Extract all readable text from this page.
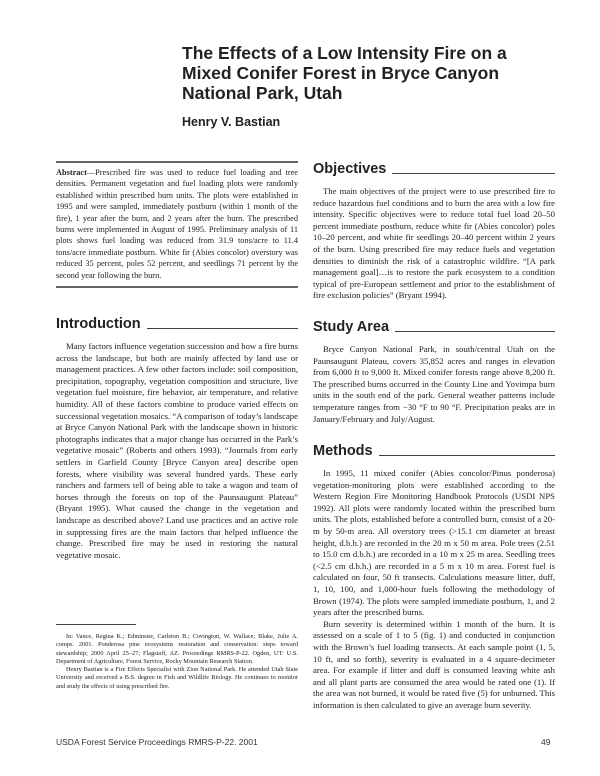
The Effects of a Low Intensity Fire on a Mixed Conifer Forest in Bryce Canyon National Park, Utah
Henry V. Bastian

Abstract—Prescribed fire was used to reduce fuel loading and tree densities. Permanent vegetation and fuel loading plots were randomly established within prescribed burn units. The plots were established in 1995 and were sampled, immediately postburn (within 1 month of the fire), 1 year after the burn, and 2 years after the burn. The prescribed burns were implemented in August of 1995. Preliminary analysis of 11 plots shows fuel loading was reduced from 31.9 tons/acre to 11.4 tons/acre immediate postburn. White fir (Abies concolor) overstory was reduced 35 percent, poles 52 percent, and seedlings 71 percent by the second year following the burn.

Introduction

Many factors influence vegetation succession and how a fire burns across the landscape, but both are mainly affected by land use or management practices. A few other factors include: soil composition, precipitation, topography, vegetation composition and structure, live vegetation fuel moisture, fire behavior, air temperature, and relative humidity. All of these factors combine to produce varied effects on successional vegetation mosaics. “A comparison of today’s landscape at Bryce Canyon National Park with the landscape shown in historic photographs indicates that a major change has occurred in the Park’s vegetative mosaic” (Roberts and others 1993). “Journals from early settlers in Garfield County [Bryce Canyon area] describe open forests, where visibility was several hundred yards. These early ranchers and farmers tell of being able to take a wagon and team of horses through the forests on top of the Paunsaugunt Plateau” (Bryant 1995). What caused the change in the vegetation and landscape as described above? Land use practices and an active role in suppressing fires are the main factors that helped influence the change. Prescribed fire may be used in restoring the natural vegetative mosaic.

In: Vance, Regina K.; Edminster, Carleton B.; Covington, W. Wallace; Blake, Julie A. comps. 2001. Ponderosa pine ecosystems restoration and conservation: steps toward stewardship; 2000 April 25–27; Flagstaff, AZ. Proceedings RMRS-P-22. Ogden, UT: U.S. Department of Agriculture, Forest Service, Rocky Mountain Research Station.

Henry Bastian is a Fire Effects Specialist with Zion National Park. He attended Utah State University and received a B.S. degree in Fish and Wildlife Biology. He continues to monitor and study the effects of using prescribed fire.

Objectives

The main objectives of the project were to use prescribed fire to reduce hazardous fuel conditions and to burn the area with a low fire intensity. Specific objectives were to reduce total fuel load 20–50 percent immediate postburn, reduce white fir (Abies concolor) poles 10–20 percent, and white fir seedlings 20–40 percent within 2 years of the burn. Using prescribed fire may reduce fuels and vegetation densities to diminish the risk of a catastrophic wildfire. “[A park management goal]…is to restore the park ecosystem to a condition typical of pre-European settlement and prior to the establishment of fire exclusion policies” (Bryant 1994).

Study Area

Bryce Canyon National Park, in south/central Utah on the Paunsaugunt Plateau, covers 35,852 acres and ranges in elevation from 6,000 ft to 9,000 ft. Mixed conifer forests range above 8,200 ft. The prescribed burns occurred in the County Line and Yovimpa burn units in the south end of the park. General weather patterns include temperature ranges from −30 °F to 90 °F. Precipitation peaks are in January/February and July/August.

Methods

In 1995, 11 mixed conifer (Abies concolor/Pinus ponderosa) vegetation-monitoring plots were established according to the Western Region Fire Monitoring Handbook Protocols (USDI NPS 1992). All plots were randomly located within the prescribed burn units. The plots, established before a controlled burn, consist of a 20-m by 50-m area. All overstory trees (>15.1 cm diameter at breast height, d.b.h.) are recorded in the 20 m x 50 m area. Pole trees (2.51 to 15.0 cm d.b.h.) are recorded in a 10 m x 25 m area. Seedling trees (<2.5 cm d.b.h.) are recorded in a 5 m x 10 m area. Forest fuel is calculated on four, 50 ft transects. Calculations measure litter, duff, 1, 10, 100, and 1,000-hour fuels following the methodology of Brown (1974). The plots were sampled immediate postburn, 1, and 2 years after the prescribed burns.

Burn severity is determined within 1 month of the burn. It is assessed on a scale of 1 to 5 (fig. 1) and conducted in conjunction with the Brown’s fuel loading transects. At each sample point (1, 5, 10 ft, and so forth), severity is evaluated in a 4 square-decimeter area. For example if litter and duff is consumed leaving white ash and all plant parts are consumed the area would be rated one (1). If the area was not burned, it would be rated five (5) for unburned. This information is then calculated to give an average burn severity.

USDA Forest Service Proceedings RMRS-P-22. 2001	49
